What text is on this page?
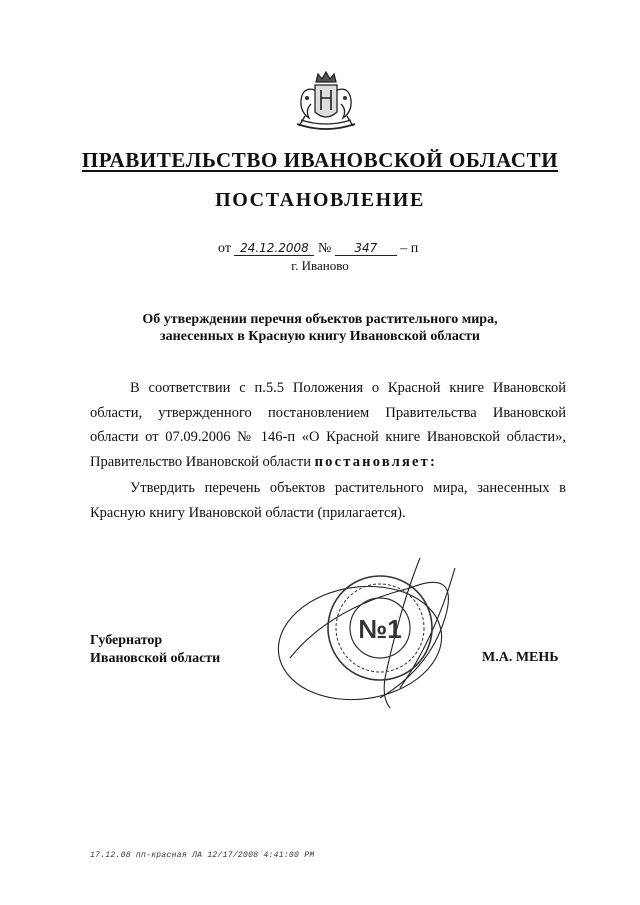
ПРАВИТЕЛЬСТВО ИВАНОВСКОЙ ОБЛАСТИ
ПОСТАНОВЛЕНИЕ
от 24.12.2008 № 347 – п
г. Иваново
Об утверждении перечня объектов растительного мира,
занесенных в Красную книгу Ивановской области
В соответствии с п.5.5 Положения о Красной книге Ивановской области, утвержденного постановлением Правительства Ивановской области от 07.09.2006 № 146-п «О Красной книге Ивановской области», Правительство Ивановской области постановляет:
Утвердить перечень объектов растительного мира, занесенных в Красную книгу Ивановской области (прилагается).
№1
Губернатор
Ивановской области	М.А. МЕНЬ
17.12.08 пп-красная ЛА 12/17/2008 4:41:00 PM
